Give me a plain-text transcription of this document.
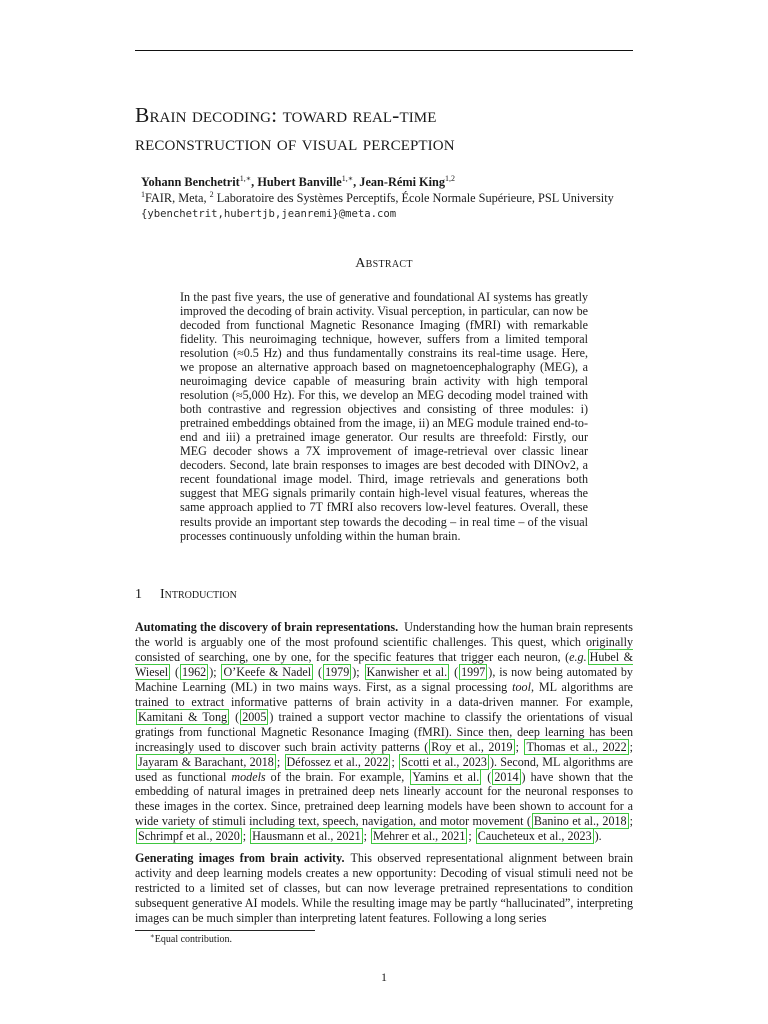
Brain decoding: toward real-time
reconstruction of visual perception
Yohann Benchetrit$^{1,∗}$, Hubert Banville$^{1,∗}$, Jean-Rémi King$^{1,2}$
$^1$FAIR, Meta, $^2$ Laboratoire des Systèmes Perceptifs, École Normale Supérieure, PSL University
{ybenchetrit,hubertjb,jeanremi}@meta.com
Abstract
In the past five years, the use of generative and foundational AI systems has greatly improved the decoding of brain activity. Visual perception, in particular, can now be decoded from functional Magnetic Resonance Imaging (fMRI) with remarkable fidelity. This neuroimaging technique, however, suffers from a limited temporal resolution (≈0.5 Hz) and thus fundamentally constrains its real-time usage. Here, we propose an alternative approach based on magnetoencephalography (MEG), a neuroimaging device capable of measuring brain activity with high temporal resolution (≈5,000 Hz). For this, we develop an MEG decoding model trained with both contrastive and regression objectives and consisting of three modules: i) pretrained embeddings obtained from the image, ii) an MEG module trained end-to-end and iii) a pretrained image generator. Our results are threefold: Firstly, our MEG decoder shows a 7X improvement of image-retrieval over classic linear decoders. Second, late brain responses to images are best decoded with DINOv2, a recent foundational image model. Third, image retrievals and generations both suggest that MEG signals primarily contain high-level visual features, whereas the same approach applied to 7T fMRI also recovers low-level features. Overall, these results provide an important step towards the decoding – in real time – of the visual processes continuously unfolding within the human brain.
1 Introduction
Automating the discovery of brain representations. Understanding how the human brain represents the world is arguably one of the most profound scientific challenges. This quest, which originally consisted of searching, one by one, for the specific features that trigger each neuron, (e.g. Hubel & Wiesel ( 1962 ); O’Keefe & Nadel ( 1979 ); Kanwisher et al. ( 1997 ), is now being automated by Machine Learning (ML) in two mains ways. First, as a signal processing tool, ML algorithms are trained to extract informative patterns of brain activity in a data-driven manner. For example, Kamitani & Tong ( 2005 ) trained a support vector machine to classify the orientations of visual gratings from functional Magnetic Resonance Imaging (fMRI). Since then, deep learning has been increasingly used to discover such brain activity patterns ( Roy et al., 2019 ; Thomas et al., 2022 ; Jayaram & Barachant, 2018 ; Défossez et al., 2022 ; Scotti et al., 2023 ). Second, ML algorithms are used as functional models of the brain. For example, Yamins et al. ( 2014 ) have shown that the embedding of natural images in pretrained deep nets linearly account for the neuronal responses to these images in the cortex. Since, pretrained deep learning models have been shown to account for a wide variety of stimuli including text, speech, navigation, and motor movement ( Banino et al., 2018 ; Schrimpf et al., 2020 ; Hausmann et al., 2021 ; Mehrer et al., 2021 ; Caucheteux et al., 2023 ).
Generating images from brain activity. This observed representational alignment between brain activity and deep learning models creates a new opportunity: Decoding of visual stimuli need not be restricted to a limited set of classes, but can now leverage pretrained representations to condition subsequent generative AI models. While the resulting image may be partly “hallucinated”, interpreting images can be much simpler than interpreting latent features. Following a long series
∗Equal contribution.
1
